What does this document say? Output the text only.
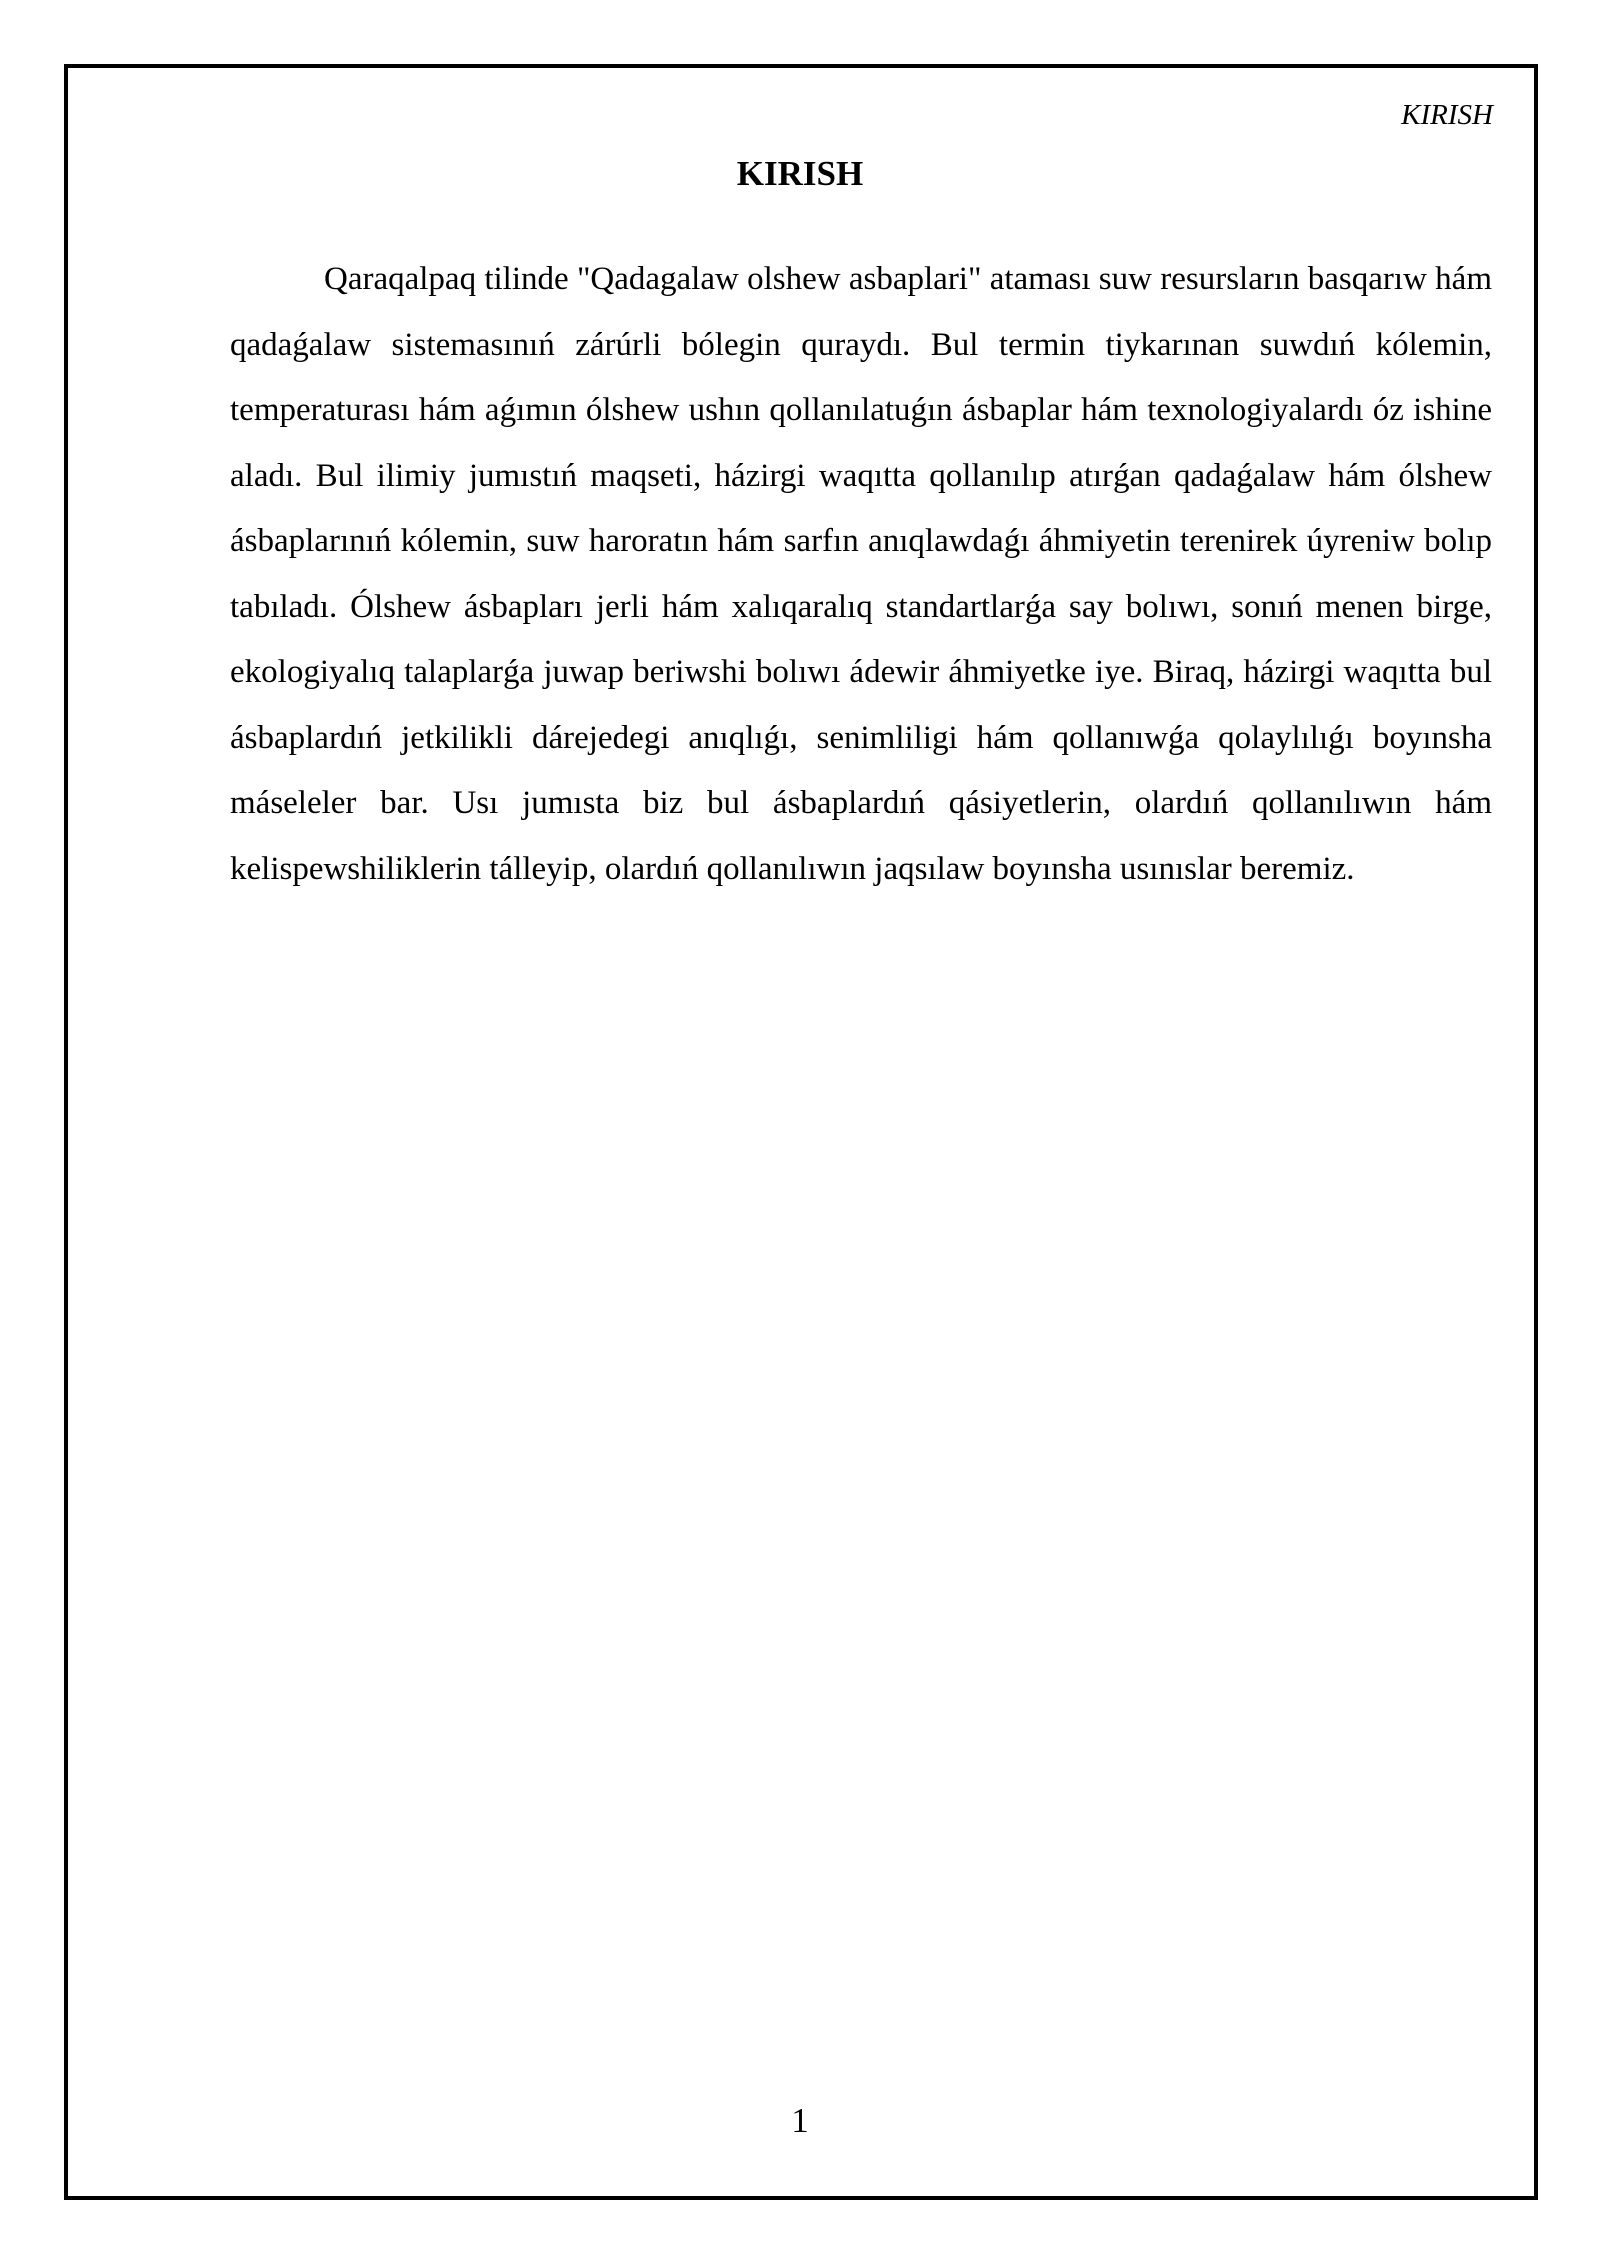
KIRISH
KIRISH

Qaraqalpaq tilinde "Qadagalaw olshew asbaplari" ataması suw resursların basqarıw hám qadaǵalaw sistemasınıń zárúrli bólegin quraydı. Bul termin tiykarınan suwdıń kólemin, temperaturası hám aǵımın ólshew ushın qollanılatuǵın ásbaplar hám texnologiyalardı óz ishine aladı. Bul ilimiy jumıstıń maqseti, házirgi waqıtta qollanılıp atırǵan qadaǵalaw hám ólshew ásbaplarınıń kólemin, suw haroratın hám sarfın anıqlawdaǵı áhmiyetin terenirek úyreniw bolıp tabıladı. Ólshew ásbapları jerli hám xalıqaralıq standartlarǵa say bolıwı, sonıń menen birge, ekologiyalıq talaplarǵa juwap beriwshi bolıwı ádewir áhmiyetke iye. Biraq, házirgi waqıtta bul ásbaplardıń jetkilikli dárejedegi anıqlıǵı, senimliligi hám qollanıwǵa qolaylılıǵı boyınsha máseleler bar. Usı jumısta biz bul ásbaplardıń qásiyetlerin, olardıń qollanılıwın hám kelispewshiliklerin tálleyip, olardıń qollanılıwın jaqsılaw boyınsha usınıslar beremiz.

1
